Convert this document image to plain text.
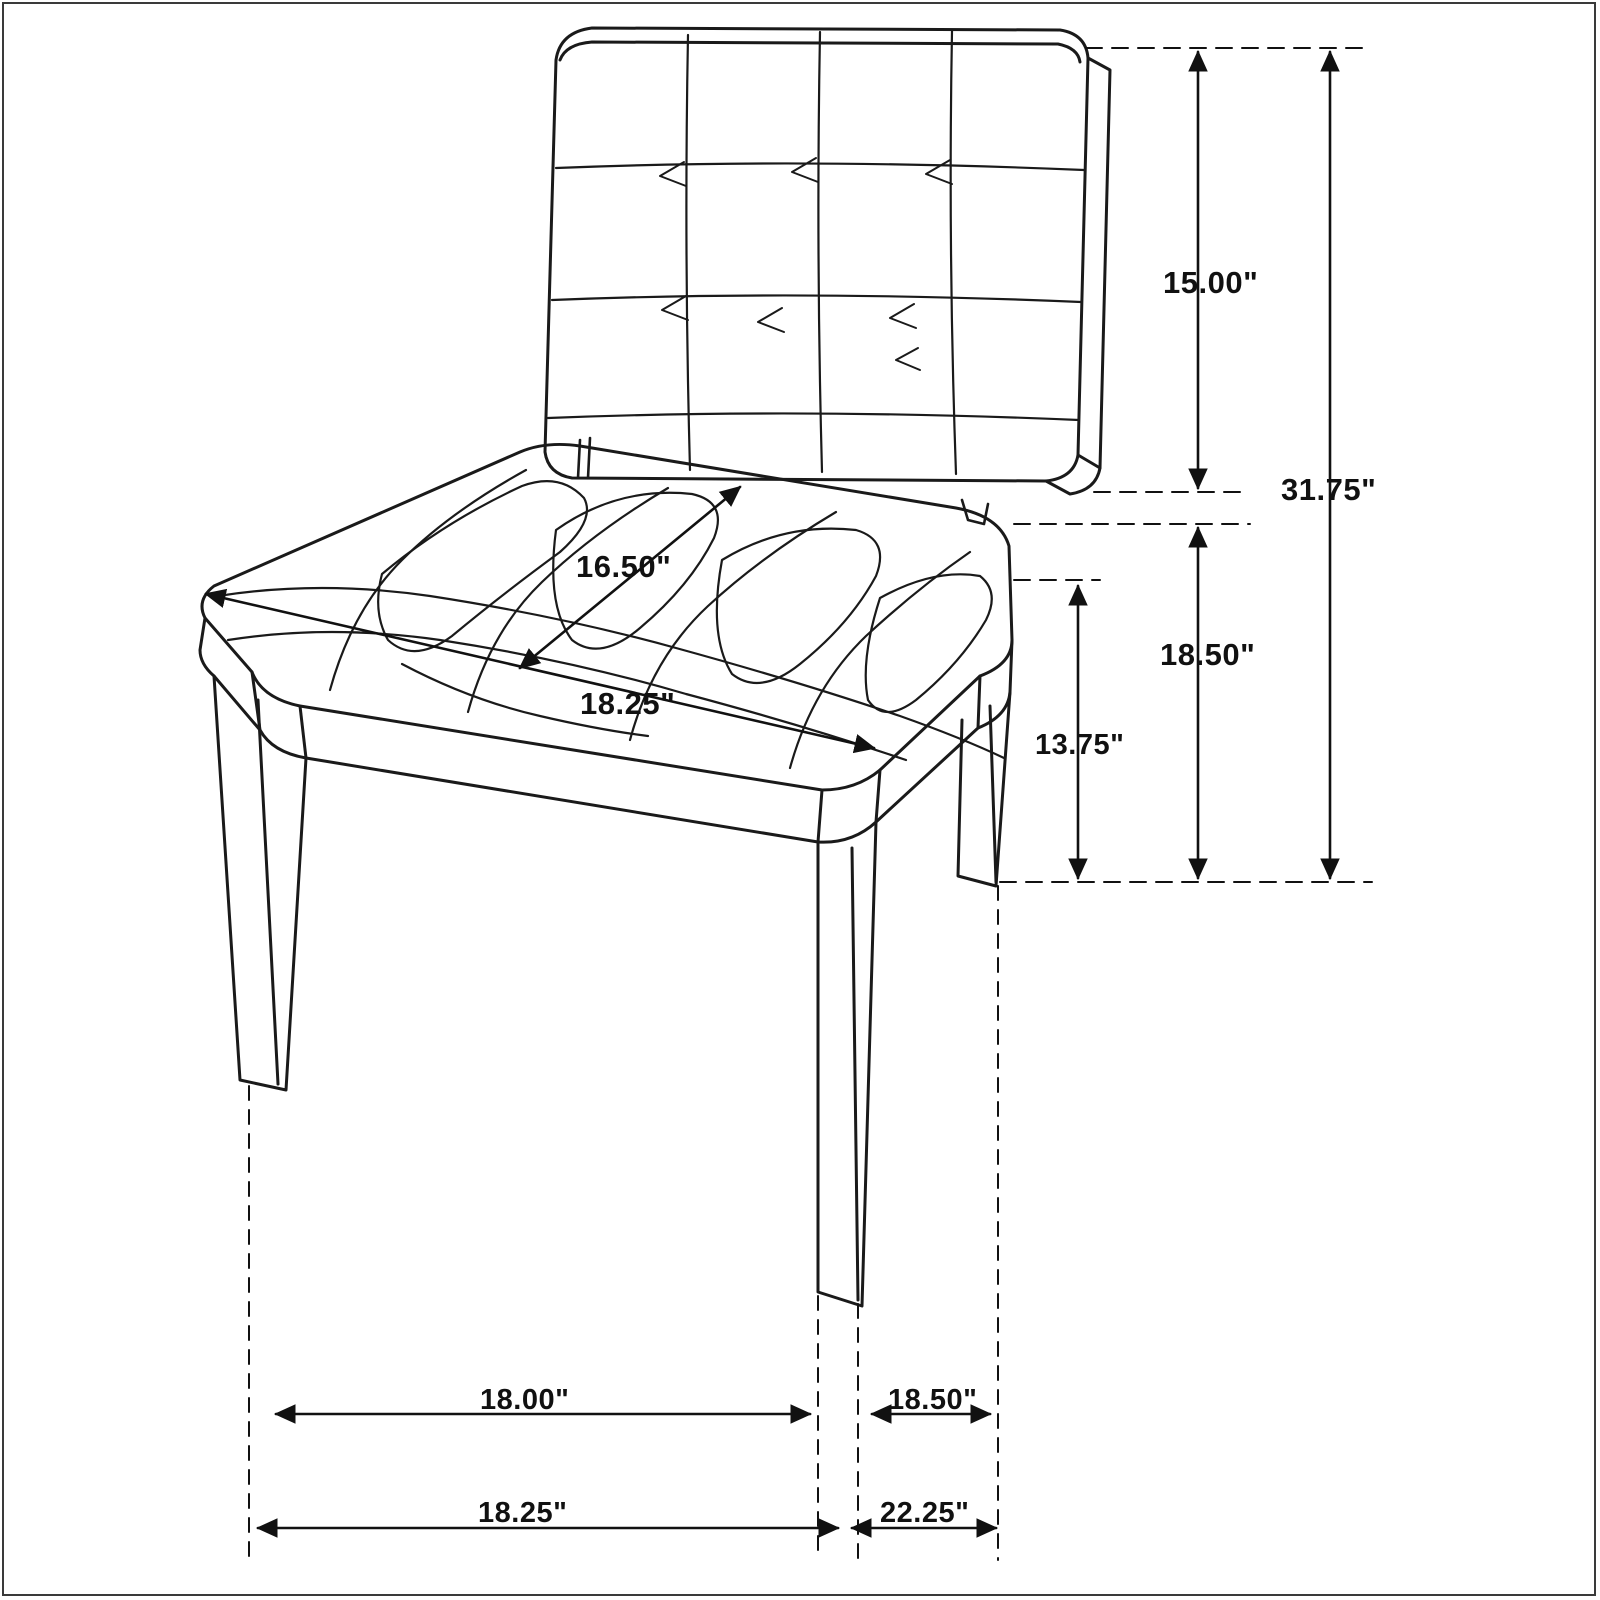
15.00"
31.75"
16.50"
18.50"
18.25"
13.75"
18.00"	18.50"
18.25"	22.25"
